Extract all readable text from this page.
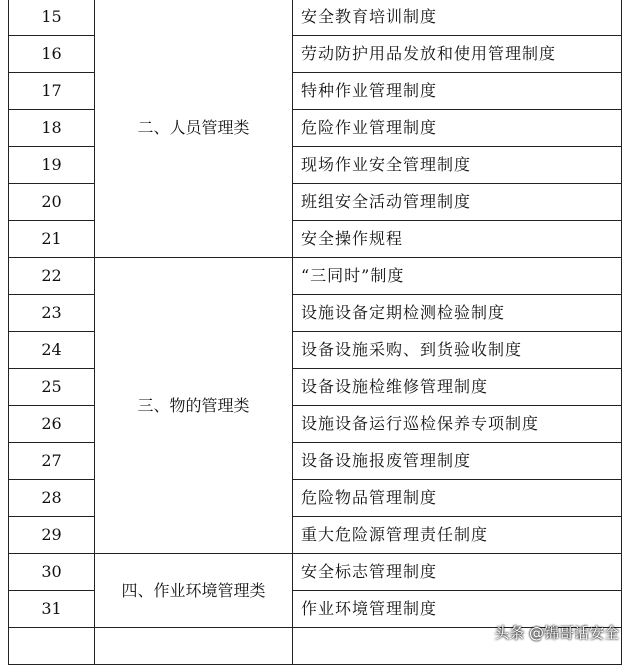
15	二、人员管理类	安全教育培训制度
16		劳动防护用品发放和使用管理制度
17		特种作业管理制度
18		危险作业管理制度
19		现场作业安全管理制度
20		班组安全活动管理制度
21		安全操作规程
22	三、物的管理类	“三同时”制度
23		设施设备定期检测检验制度
24		设备设施采购、到货验收制度
25		设备设施检维修管理制度
26		设施设备运行巡检保养专项制度
27		设备设施报废管理制度
28		危险物品管理制度
29		重大危险源管理责任制度
30	四、作业环境管理类	安全标志管理制度
31		作业环境管理制度

头条 @锦哥话安全
